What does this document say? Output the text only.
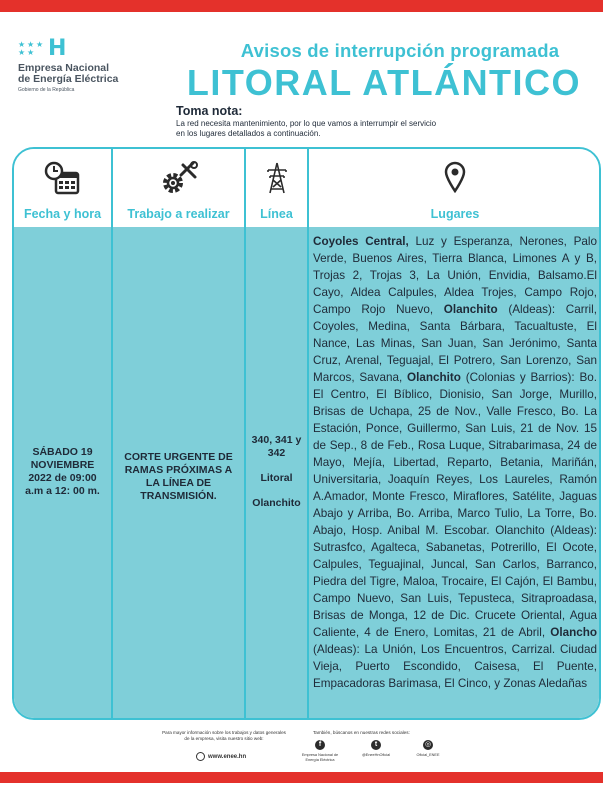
★ ★ ★
★ ★ H
Empresa Nacional
de Energía Eléctrica
Gobierno de la República
Avisos de interrupción programada
LITORAL ATLÁNTICO
Toma nota:
La red necesita mantenimiento, por lo que vamos a interrumpir el servicio
en los lugares detallados a continuación.
Fecha y hora
SÁBADO 19 NOVIEMBRE 2022 de 09:00 a.m a 12: 00 m.
Trabajo a realizar
CORTE URGENTE DE RAMAS PRÓXIMAS A LA LÍNEA DE TRANSMISIÓN.
Línea
340, 341 y 342
Litoral
Olanchito
Lugares
Coyoles Central, Luz y Esperanza, Nerones, Palo Verde, Buenos Aires, Tierra Blanca, Limones A y B, Trojas 2, Trojas 3, La Unión, Envidia, Balsamo.El Cayo, Aldea Calpules, Aldea Trojes, Campo Rojo, Campo Rojo Nuevo, Olanchito (Aldeas): Carril, Coyoles, Medina, Santa Bárbara, Tacualtuste, El Nance, Las Minas, San Juan, San Jerónimo, Santa Cruz, Arenal, Teguajal, El Potrero, San Lorenzo, San Marcos, Savana, Olanchito (Colonias y Barrios): Bo. El Centro, El Bíblico, Dionisio, San Jorge, Murillo, Brisas de Uchapa, 25 de Nov., Valle Fresco, Bo. La Estación, Ponce, Guillermo, San Luis, 21 de Nov. 15 de Sep., 8 de Feb., Rosa Luque, Sitrabarimasa, 24 de Mayo, Mejía, Libertad, Reparto, Betania, Mariñán, Universitaria, Joaquín Reyes, Los Laureles, Ramón A.Amador, Monte Fresco, Miraflores, Satélite, Jaguas Abajo y Arriba, Bo. Arriba, Marco Tulio, La Torre, Bo. Abajo, Hosp. Anibal M. Escobar. Olanchito (Aldeas): Sutrasfco, Agalteca, Sabanetas, Potrerillo, El Ocote, Calpules, Teguajinal, Juncal, San Carlos, Barranco, Piedra del Tigre, Maloa, Trocaire, El Cajón, El Bambu, Campo Nuevo, San Luis, Tepusteca, Sitraproadasa, Brisas de Monga, 12 de Dic. Crucete Oriental, Agua Caliente, 4 de Enero, Lomitas, 21 de Abril, Olancho (Aldeas): La Unión, Los Encuentros, Carrizal. Ciudad Vieja, Puerto Escondido, Caisesa, El Puente, Empacadoras Barimasa, El Cinco, y Zonas Aledañas
Para mayor información sobre los trabajos y datos generales de la empresa, visita nuestro sitio web:
www.enee.hn
También, búscanos en nuestras redes sociales:
f
Empresa Nacional de Energía Eléctrica
t
@EneeHnOficial
◎
Oficial_ENEE
